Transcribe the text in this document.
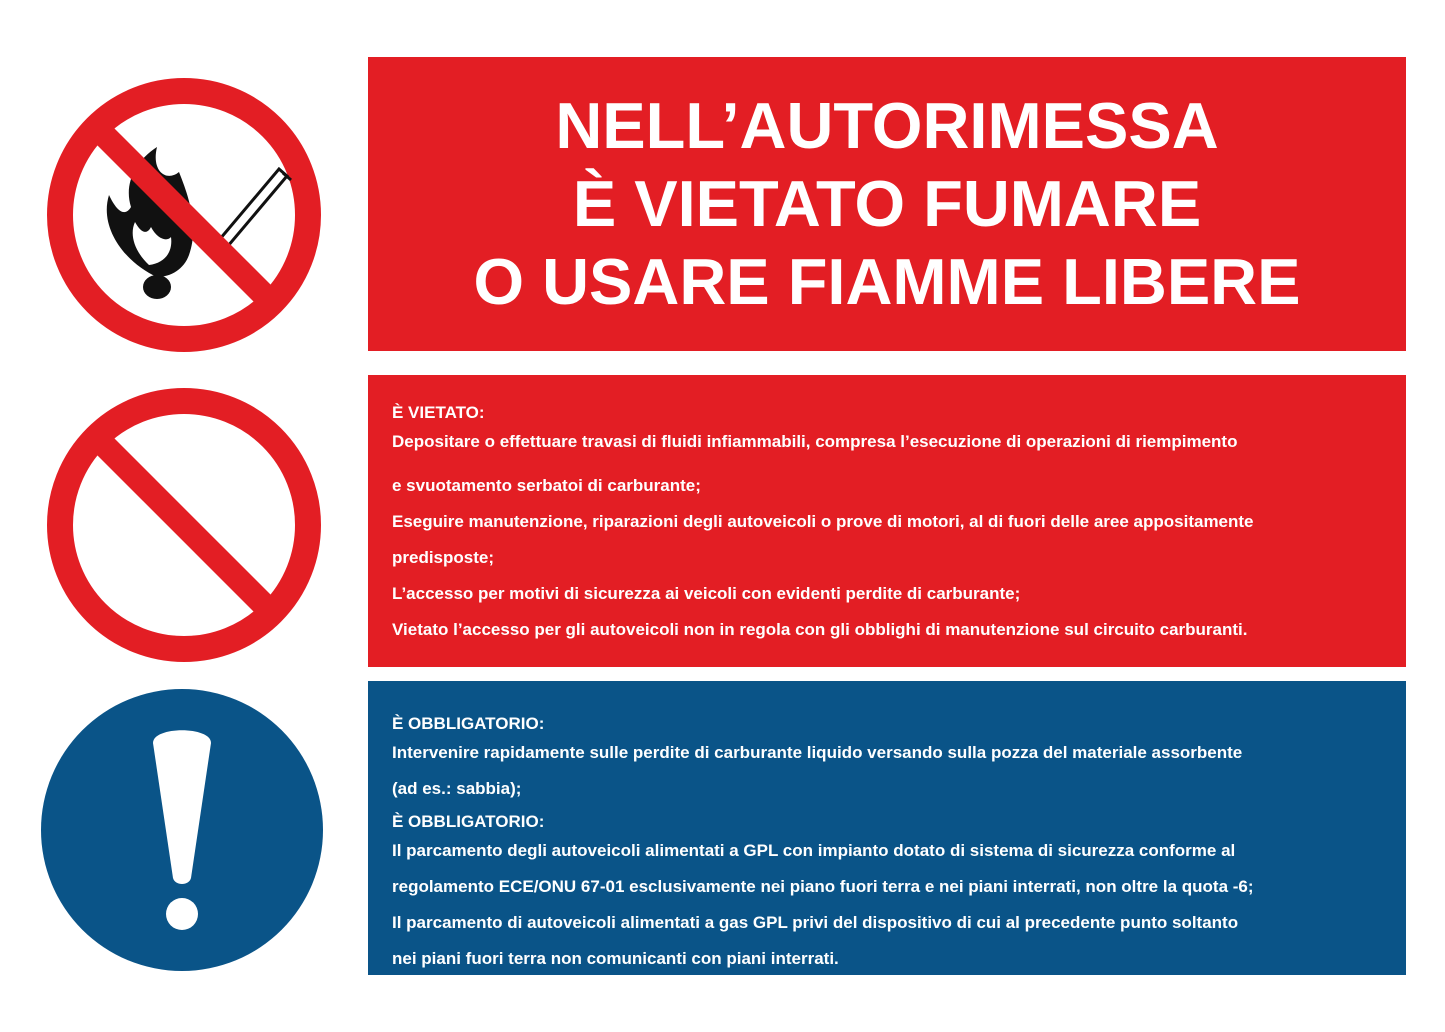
NELL’AUTORIMESSA
È VIETATO FUMARE
O USARE FIAMME LIBERE
È VIETATO:
Depositare o effettuare travasi di fluidi infiammabili, compresa l’esecuzione di operazioni di riempimento
e svuotamento serbatoi di carburante;
Eseguire manutenzione, riparazioni degli autoveicoli o prove di motori, al di fuori delle aree appositamente
predisposte;
L’accesso per motivi di sicurezza ai veicoli con evidenti perdite di carburante;
Vietato l’accesso per gli autoveicoli non in regola con gli obblighi di manutenzione sul circuito carburanti.
È OBBLIGATORIO:
Intervenire rapidamente sulle perdite di carburante liquido versando sulla pozza del materiale assorbente
(ad es.: sabbia);
È OBBLIGATORIO:
Il parcamento degli autoveicoli alimentati a GPL con impianto dotato di sistema di sicurezza conforme al
regolamento ECE/ONU 67-01 esclusivamente nei piano fuori terra e nei piani interrati, non oltre la quota -6;
Il parcamento di autoveicoli alimentati a gas GPL privi del dispositivo di cui al precedente punto soltanto
nei piani fuori terra non comunicanti con piani interrati.
